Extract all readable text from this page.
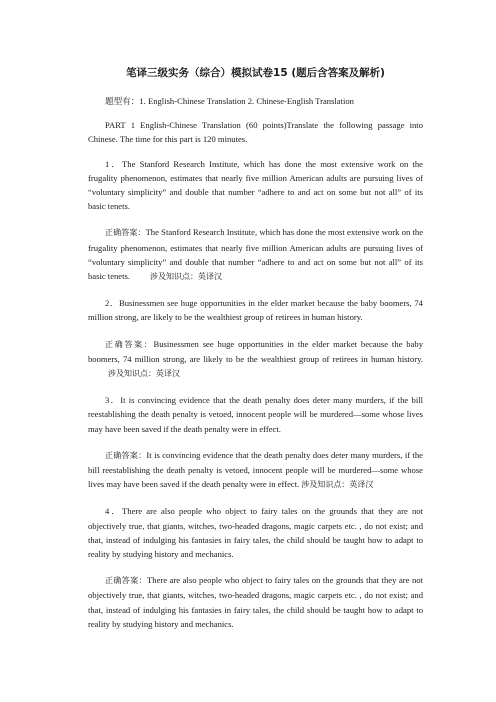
笔译三级实务（综合）模拟试卷15 (题后含答案及解析)

题型有：1. English-Chinese Translation 2. Chinese-English Translation

PART 1 English-Chinese Translation (60 points)Translate the following passage into Chinese. The time for this part is 120 minutes.

1．The Stanford Research Institute, which has done the most extensive work on the frugality phenomenon, estimates that nearly five million American adults are pursuing lives of “voluntary simplicity” and double that number “adhere to and act on some but not all” of its basic tenets.

正确答案：The Stanford Research Institute, which has done the most extensive work on the frugality phenomenon, estimates that nearly five million American adults are pursuing lives of “voluntary simplicity” and double that number “adhere to and act on some but not all” of its basic tenets.	涉及知识点：英译汉

2．Businessmen see huge opportunities in the elder market because the baby boomers, 74 million strong, are likely to be the wealthiest group of retirees in human history.

正确答案：Businessmen see huge opportunities in the elder market because the baby boomers, 74 million strong, are likely to be the wealthiest group of retirees in human history.涉及知识点：英译汉

3．It is convincing evidence that the death penalty does deter many murders, if the bill reestablishing the death penalty is vetoed, innocent people will be murdered—some whose lives may have been saved if the death penalty were in effect.

正确答案：It is convincing evidence that the death penalty does deter many murders, if the bill reestablishing the death penalty is vetoed, innocent people will be murdered—some whose lives may have been saved if the death penalty were in effect. 涉及知识点：英译汉

4．There are also people who object to fairy tales on the grounds that they are not objectively true, that giants, witches, two-headed dragons, magic carpets etc. , do not exist; and that, instead of indulging his fantasies in fairy tales, the child should be taught how to adapt to reality by studying history and mechanics.

正确答案：There are also people who object to fairy tales on the grounds that they are not objectively true, that giants, witches, two-headed dragons, magic carpets etc. , do not exist; and that, instead of indulging his fantasies in fairy tales, the child should be taught how to adapt to reality by studying history and mechanics.
